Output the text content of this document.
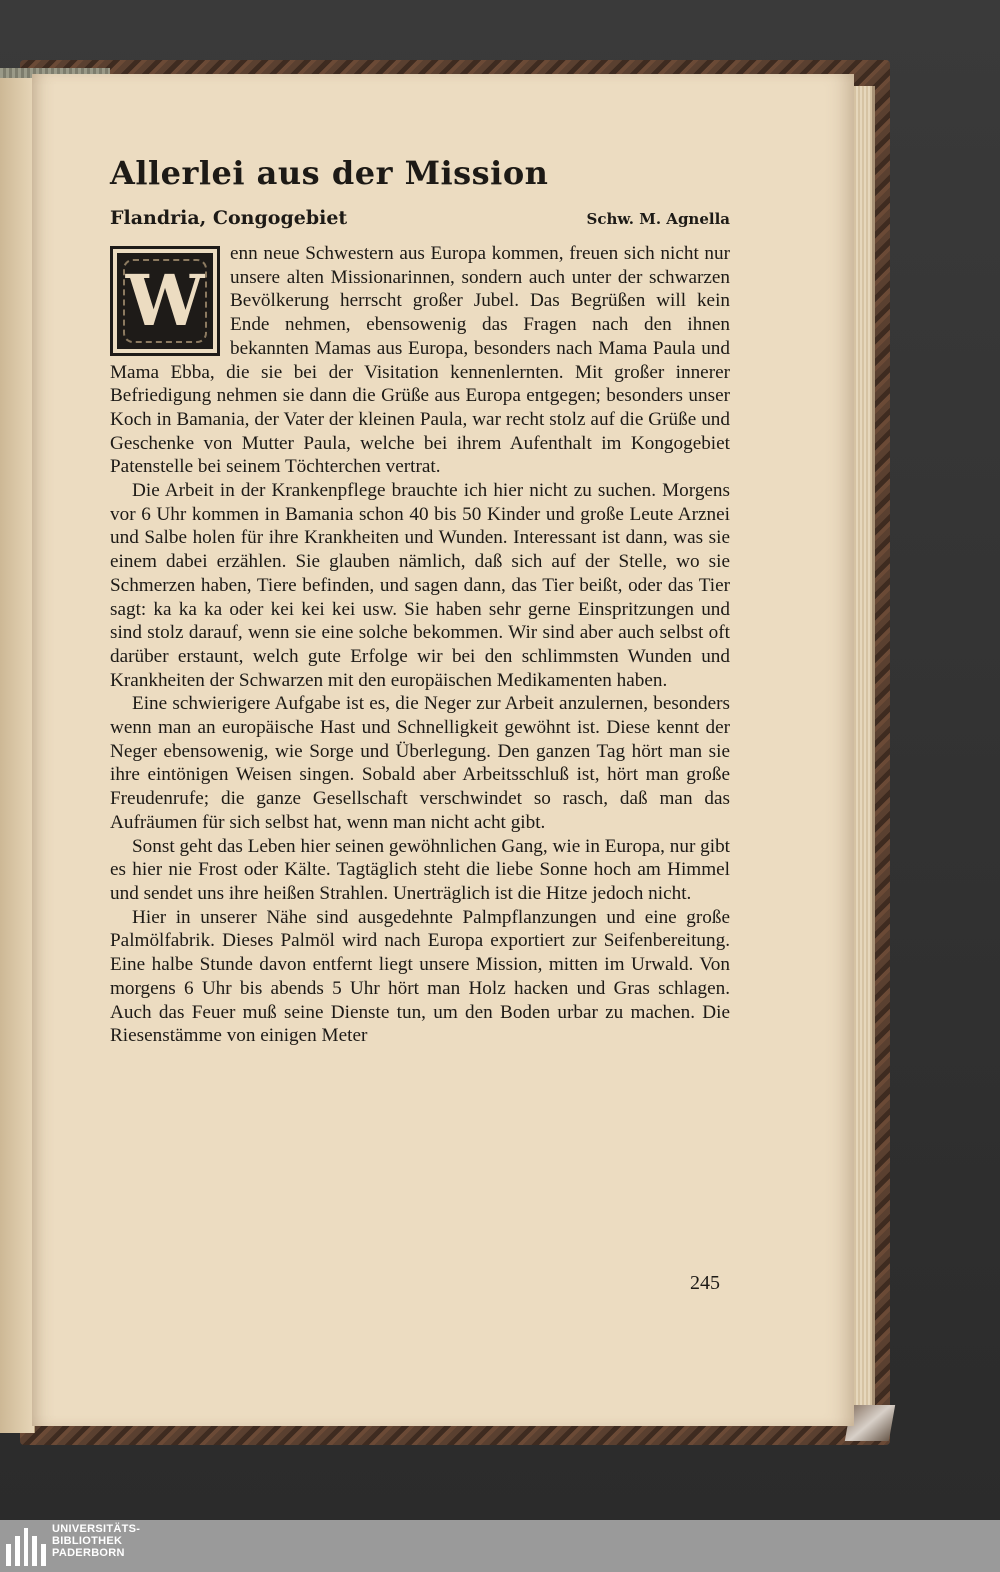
Allerlei aus der Mission
Flandria, Congogebiet	Schw. M. Agnella

W
enn neue Schwestern aus Europa kommen, freuen sich nicht nur unsere alten Missionarinnen, sondern auch unter der schwarzen Bevölkerung herrscht großer Jubel. Das Begrüßen will kein Ende nehmen, ebensowenig das Fragen nach den ihnen bekannten Mamas aus Europa, besonders nach Mama Paula und Mama Ebba, die sie bei der Visitation kennenlernten. Mit großer innerer Befriedigung nehmen sie dann die Grüße aus Europa entgegen; besonders unser Koch in Bamania, der Vater der kleinen Paula, war recht stolz auf die Grüße und Geschenke von Mutter Paula, welche bei ihrem Aufenthalt im Kongogebiet Patenstelle bei seinem Töchterchen vertrat.

Die Arbeit in der Krankenpflege brauchte ich hier nicht zu suchen. Morgens vor 6 Uhr kommen in Bamania schon 40 bis 50 Kinder und große Leute Arznei und Salbe holen für ihre Krankheiten und Wunden. Interessant ist dann, was sie einem dabei erzählen. Sie glauben nämlich, daß sich auf der Stelle, wo sie Schmerzen haben, Tiere befinden, und sagen dann, das Tier beißt, oder das Tier sagt: ka ka ka oder kei kei kei usw. Sie haben sehr gerne Einspritzungen und sind stolz darauf, wenn sie eine solche bekommen. Wir sind aber auch selbst oft darüber erstaunt, welch gute Erfolge wir bei den schlimmsten Wunden und Krankheiten der Schwarzen mit den europäischen Medikamenten haben.

Eine schwierigere Aufgabe ist es, die Neger zur Arbeit anzulernen, besonders wenn man an europäische Hast und Schnelligkeit gewöhnt ist. Diese kennt der Neger ebensowenig, wie Sorge und Überlegung. Den ganzen Tag hört man sie ihre eintönigen Weisen singen. Sobald aber Arbeitsschluß ist, hört man große Freudenrufe; die ganze Gesellschaft verschwindet so rasch, daß man das Aufräumen für sich selbst hat, wenn man nicht acht gibt.

Sonst geht das Leben hier seinen gewöhnlichen Gang, wie in Europa, nur gibt es hier nie Frost oder Kälte. Tagtäglich steht die liebe Sonne hoch am Himmel und sendet uns ihre heißen Strahlen. Unerträglich ist die Hitze jedoch nicht.

Hier in unserer Nähe sind ausgedehnte Palmpflanzungen und eine große Palmölfabrik. Dieses Palmöl wird nach Europa exportiert zur Seifenbereitung. Eine halbe Stunde davon entfernt liegt unsere Mission, mitten im Urwald. Von morgens 6 Uhr bis abends 5 Uhr hört man Holz hacken und Gras schlagen. Auch das Feuer muß seine Dienste tun, um den Boden urbar zu machen. Die Riesenstämme von einigen Meter

245
UNIVERSITÄTS-
BIBLIOTHEK
PADERBORN
